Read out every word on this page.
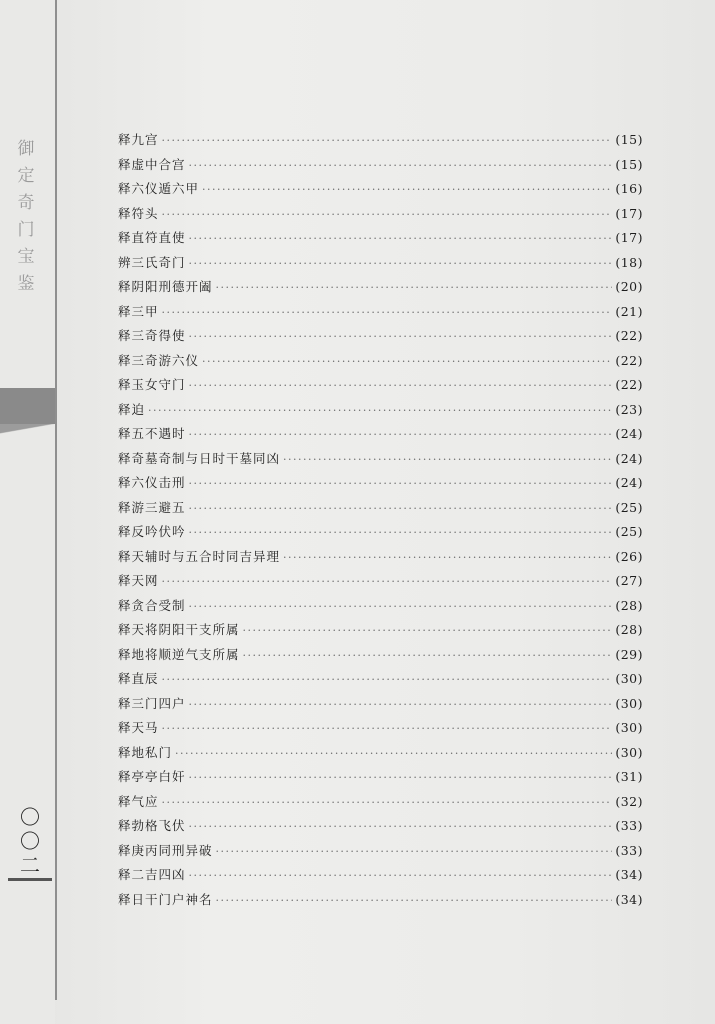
御
定
奇
门
宝
鉴
〇
〇
二
释九宫 ·····	(15)
释虚中合宫 ·····	(15)
释六仪遁六甲 ·····	(16)
释符头 ·····	(17)
释直符直使 ·····	(17)
辨三氏奇门 ·····	(18)
释阴阳刑德开阖 ·····	(20)
释三甲 ·····	(21)
释三奇得使 ·····	(22)
释三奇游六仪 ·····	(22)
释玉女守门 ·····	(22)
释迫 ·····	(23)
释五不遇时 ·····	(24)
释奇墓奇制与日时干墓同凶 ·····	(24)
释六仪击刑 ·····	(24)
释游三避五 ·····	(25)
释反吟伏吟 ·····	(25)
释天辅时与五合时同吉异理 ·····	(26)
释天网 ·····	(27)
释贪合受制 ·····	(28)
释天将阴阳干支所属 ·····	(28)
释地将顺逆气支所属 ·····	(29)
释直辰 ·····	(30)
释三门四户 ·····	(30)
释天马 ·····	(30)
释地私门 ·····	(30)
释亭亭白奸 ·····	(31)
释气应 ·····	(32)
释勃格飞伏 ·····	(33)
释庚丙同刑异破 ·····	(33)
释二吉四凶 ·····	(34)
释日干门户神名 ·····	(34)
